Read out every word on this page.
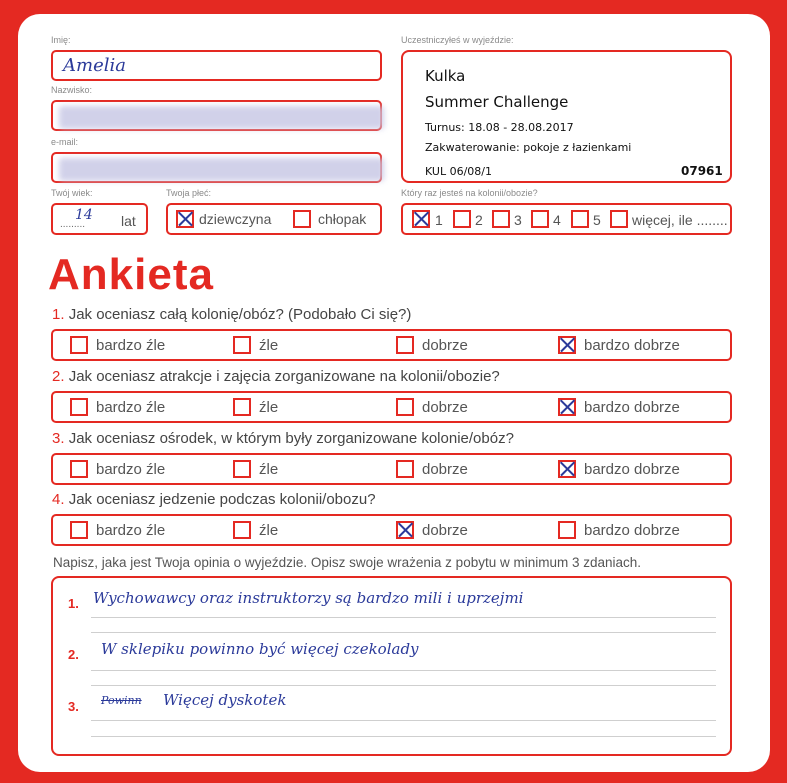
Imię:
Amelia
Nazwisko:
e-mail:
Twój wiek:
.........
14 lat
Twoja płeć:
dziewczyna	chłopak
Uczestniczyłeś w wyjeździe:
Kulka
Summer Challenge
Turnus: 18.08 - 28.08.2017
Zakwaterowanie: pokoje z łazienkami
KUL 06/08/1	07961
Który raz jesteś na kolonii/obozie?
1 2 3 4 5 więcej, ile ........
Ankieta
1. Jak oceniasz całą kolonię/obóz? (Podobało Ci się?)
bardzo źle	źle	dobrze	bardzo dobrze
2. Jak oceniasz atrakcje i zajęcia zorganizowane na kolonii/obozie?
bardzo źle	źle	dobrze	bardzo dobrze
3. Jak oceniasz ośrodek, w którym były zorganizowane kolonie/obóz?
bardzo źle	źle	dobrze	bardzo dobrze
4. Jak oceniasz jedzenie podczas kolonii/obozu?
bardzo źle	źle	dobrze	bardzo dobrze
Napisz, jaka jest Twoja opinia o wyjeździe. Opisz swoje wrażenia z pobytu w minimum 3 zdaniach.
1. Wychowawcy oraz instruktorzy są bardzo mili i uprzejmi
2. W sklepiku powinno być więcej czekolady
3. Powinn Więcej dyskotek
